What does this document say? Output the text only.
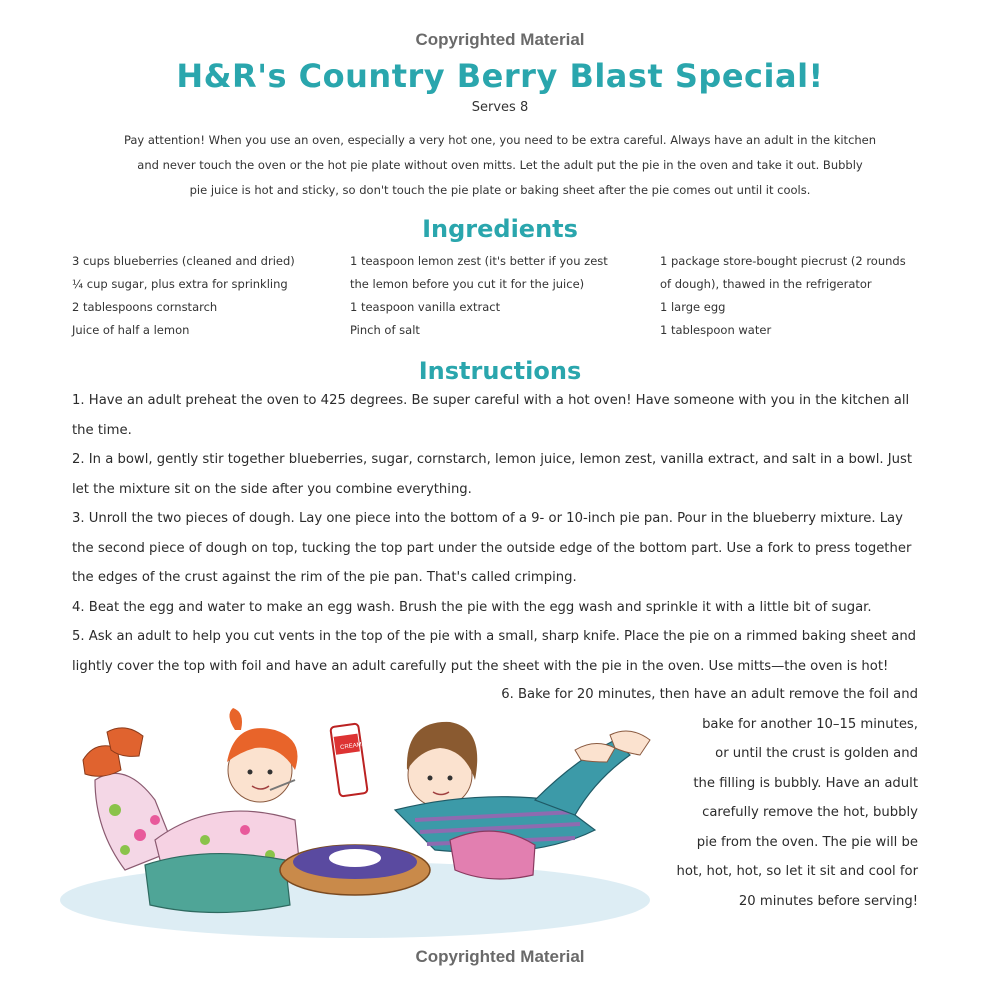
Copyrighted Material
H&R's Country Berry Blast Special!
Serves 8
Pay attention! When you use an oven, especially a very hot one, you need to be extra careful. Always have an adult in the kitchen
and never touch the oven or the hot pie plate without oven mitts. Let the adult put the pie in the oven and take it out. Bubbly
pie juice is hot and sticky, so don't touch the pie plate or baking sheet after the pie comes out until it cools.
Ingredients
3 cups blueberries (cleaned and dried)
¼ cup sugar, plus extra for sprinkling
2 tablespoons cornstarch
Juice of half a lemon
1 teaspoon lemon zest (it's better if you zest
the lemon before you cut it for the juice)
1 teaspoon vanilla extract
Pinch of salt
1 package store-bought piecrust (2 rounds
of dough), thawed in the refrigerator
1 large egg
1 tablespoon water
Instructions

1. Have an adult preheat the oven to 425 degrees. Be super careful with a hot oven! Have someone with you in the kitchen all the time.

2. In a bowl, gently stir together blueberries, sugar, cornstarch, lemon juice, lemon zest, vanilla extract, and salt in a bowl. Just let the mixture sit on the side after you combine everything.

3. Unroll the two pieces of dough. Lay one piece into the bottom of a 9- or 10-inch pie pan. Pour in the blueberry mixture. Lay the second piece of dough on top, tucking the top part under the outside edge of the bottom part. Use a fork to press together the edges of the crust against the rim of the pie pan. That's called crimping.

4. Beat the egg and water to make an egg wash. Brush the pie with the egg wash and sprinkle it with a little bit of sugar.

5. Ask an adult to help you cut vents in the top of the pie with a small, sharp knife. Place the pie on a rimmed baking sheet and lightly cover the top with foil and have an adult carefully put the sheet with the pie in the oven. Use mitts—the oven is hot!

6. Bake for 20 minutes, then have an adult remove the foil and
bake for another 10–15 minutes,
or until the crust is golden and
the filling is bubbly. Have an adult
carefully remove the hot, bubbly
pie from the oven. The pie will be
hot, hot, hot, so let it sit and cool for
20 minutes before serving!
CREAM
Copyrighted Material
